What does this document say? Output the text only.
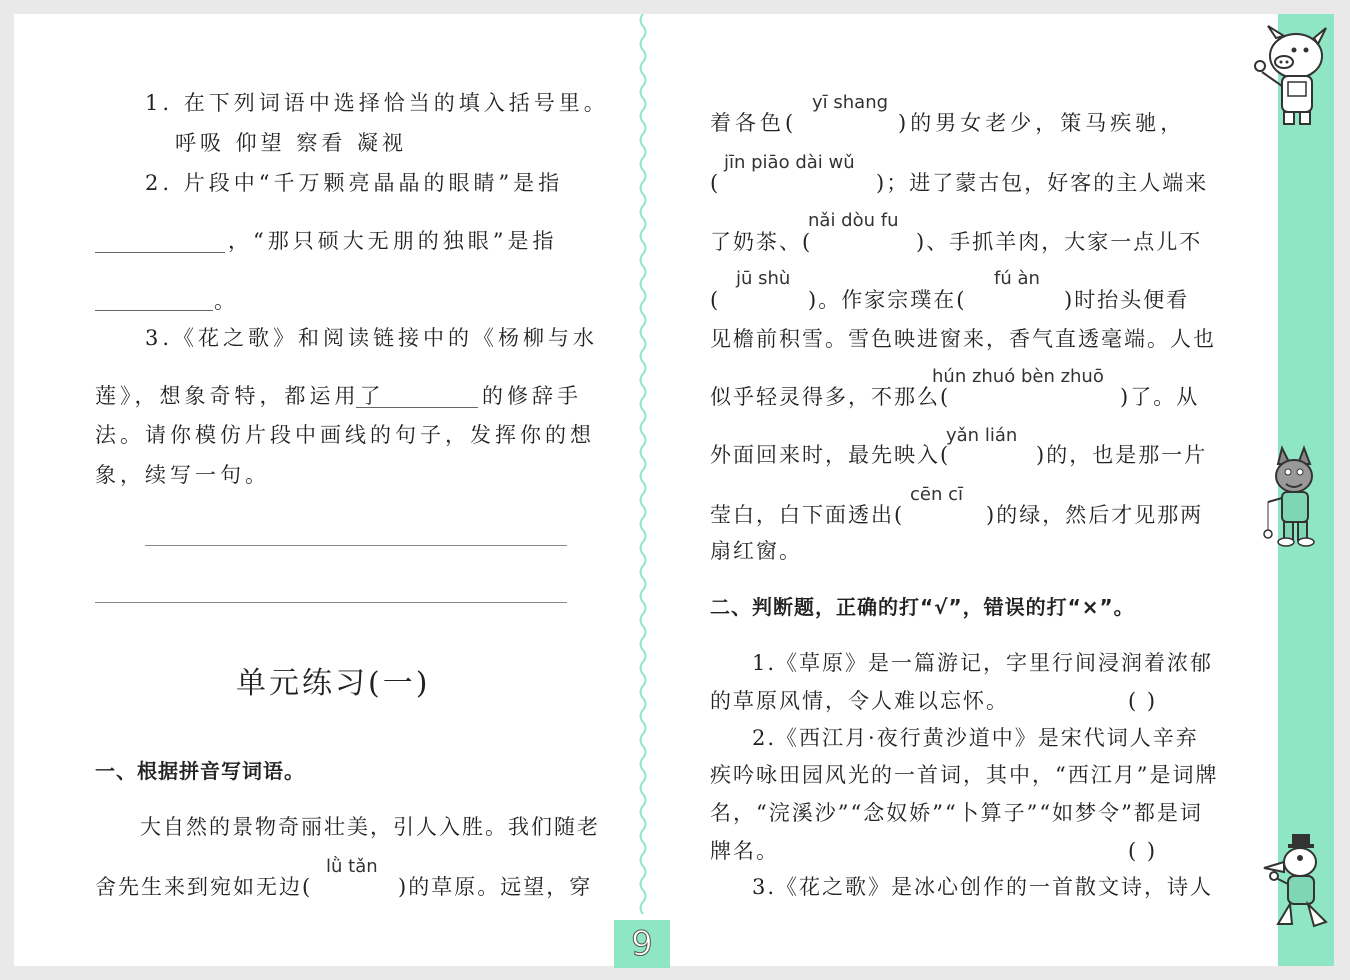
1. 在下列词语中选择恰当的填入括号里。
呼吸 仰望 察看 凝视
2. 片段中“千万颗亮晶晶的眼睛”是指
，“那只硕大无朋的独眼”是指
。
3.《花之歌》和阅读链接中的《杨柳与水
莲》，想象奇特，都运用了	的修辞手
法。请你模仿片段中画线的句子，发挥你的想
象，续写一句。
单元练习(一)
一、根据拼音写词语。
大自然的景物奇丽壮美，引人入胜。我们随老
lǜ tǎn
舍先生来到宛如无边(	)的草原。远望，穿
yī shang
着各色(	)的男女老少，策马疾驰，
jīn piāo dài wǔ
(	)；进了蒙古包，好客的主人端来
nǎi dòu fu
了奶茶、(	)、手抓羊肉，大家一点儿不
jū shù	fú àn
(	)。作家宗璞在(	)时抬头便看
见檐前积雪。雪色映进窗来，香气直透毫端。人也
hún zhuó bèn zhuō
似乎轻灵得多，不那么(	)了。从
yǎn lián
外面回来时，最先映入(	)的，也是那一片
cēn cī
莹白，白下面透出(	)的绿，然后才见那两
扇红窗。
二、判断题，正确的打“√”，错误的打“×”。
1.《草原》是一篇游记，字里行间浸润着浓郁
的草原风情，令人难以忘怀。	( )
2.《西江月·夜行黄沙道中》是宋代词人辛弃
疾吟咏田园风光的一首词，其中，“西江月”是词牌
名，“浣溪沙”“念奴娇”“卜算子”“如梦令”都是词
牌名。	( )
3.《花之歌》是冰心创作的一首散文诗，诗人
9
